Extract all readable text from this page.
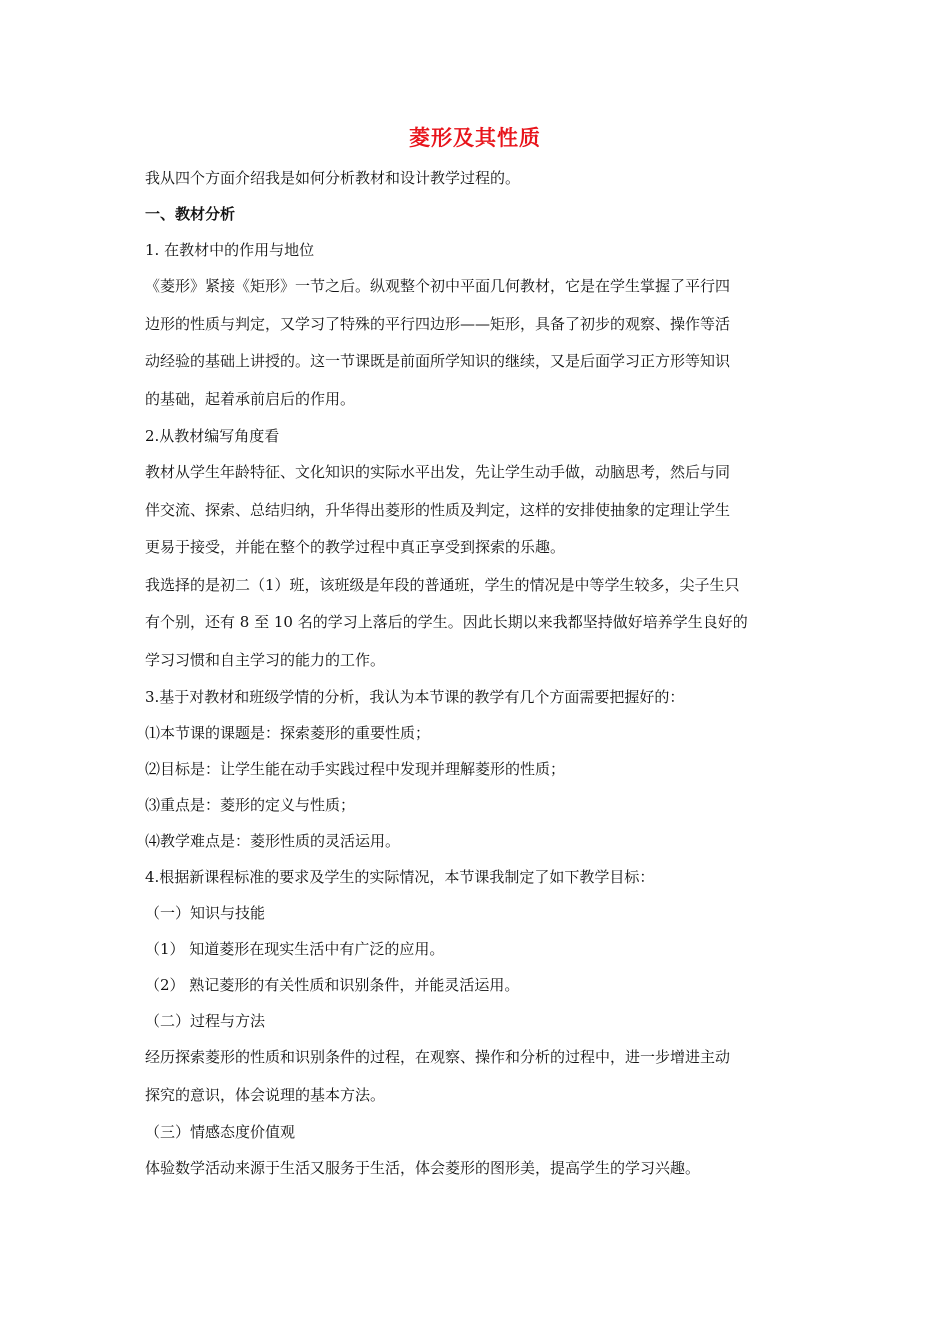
菱形及其性质
我从四个方面介绍我是如何分析教材和设计教学过程的。
一、教材分析
1. 在教材中的作用与地位
《菱形》紧接《矩形》一节之后。纵观整个初中平面几何教材，它是在学生掌握了平行四
边形的性质与判定，又学习了特殊的平行四边形——矩形，具备了初步的观察、操作等活
动经验的基础上讲授的。这一节课既是前面所学知识的继续，又是后面学习正方形等知识
的基础，起着承前启后的作用。
2.从教材编写角度看
教材从学生年龄特征、文化知识的实际水平出发，先让学生动手做，动脑思考，然后与同
伴交流、探索、总结归纳，升华得出菱形的性质及判定，这样的安排使抽象的定理让学生
更易于接受，并能在整个的教学过程中真正享受到探索的乐趣。
我选择的是初二（1）班，该班级是年段的普通班，学生的情况是中等学生较多，尖子生只
有个别，还有 8 至 10 名的学习上落后的学生。因此长期以来我都坚持做好培养学生良好的
学习习惯和自主学习的能力的工作。
3.基于对教材和班级学情的分析，我认为本节课的教学有几个方面需要把握好的：
⑴本节课的课题是：探索菱形的重要性质；
⑵目标是：让学生能在动手实践过程中发现并理解菱形的性质；
⑶重点是：菱形的定义与性质；
⑷教学难点是：菱形性质的灵活运用。
4.根据新课程标准的要求及学生的实际情况，本节课我制定了如下教学目标：
（一）知识与技能
（1） 知道菱形在现实生活中有广泛的应用。
（2） 熟记菱形的有关性质和识别条件，并能灵活运用。
（二）过程与方法
经历探索菱形的性质和识别条件的过程，在观察、操作和分析的过程中，进一步增进主动
探究的意识，体会说理的基本方法。
（三）情感态度价值观
体验数学活动来源于生活又服务于生活，体会菱形的图形美，提高学生的学习兴趣。
